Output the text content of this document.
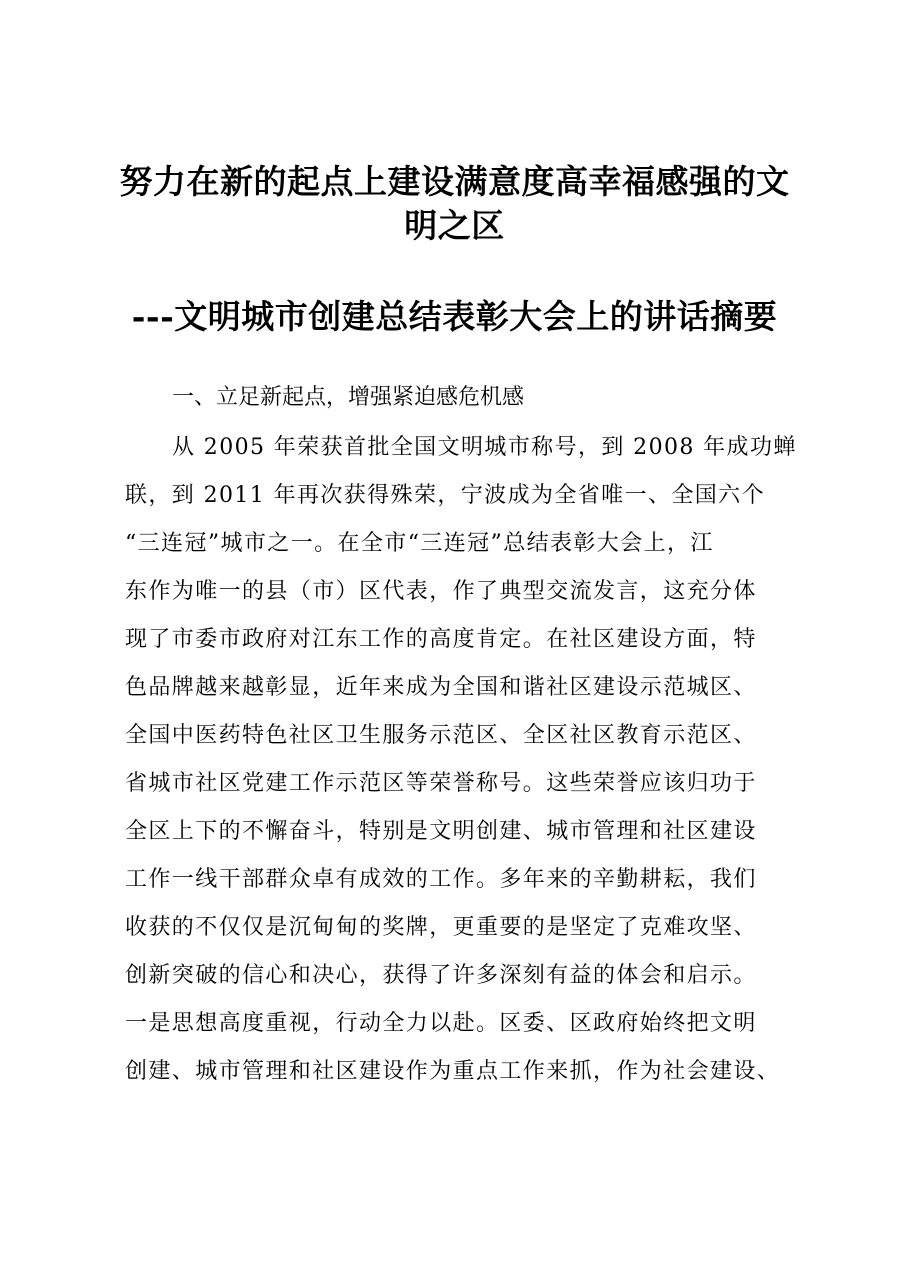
努力在新的起点上建设满意度高幸福感强的文
明之区
---文明城市创建总结表彰大会上的讲话摘要

一、立足新起点，增强紧迫感危机感

从 2005 年荣获首批全国文明城市称号，到 2008 年成功蝉

联，到 2011 年再次获得殊荣，宁波成为全省唯一、全国六个

“三连冠”城市之一。在全市“三连冠”总结表彰大会上，江

东作为唯一的县（市）区代表，作了典型交流发言，这充分体

现了市委市政府对江东工作的高度肯定。在社区建设方面，特

色品牌越来越彰显，近年来成为全国和谐社区建设示范城区、

全国中医药特色社区卫生服务示范区、全区社区教育示范区、

省城市社区党建工作示范区等荣誉称号。这些荣誉应该归功于

全区上下的不懈奋斗，特别是文明创建、城市管理和社区建设

工作一线干部群众卓有成效的工作。多年来的辛勤耕耘，我们

收获的不仅仅是沉甸甸的奖牌，更重要的是坚定了克难攻坚、

创新突破的信心和决心，获得了许多深刻有益的体会和启示。

一是思想高度重视，行动全力以赴。区委、区政府始终把文明

创建、城市管理和社区建设作为重点工作来抓，作为社会建设、
